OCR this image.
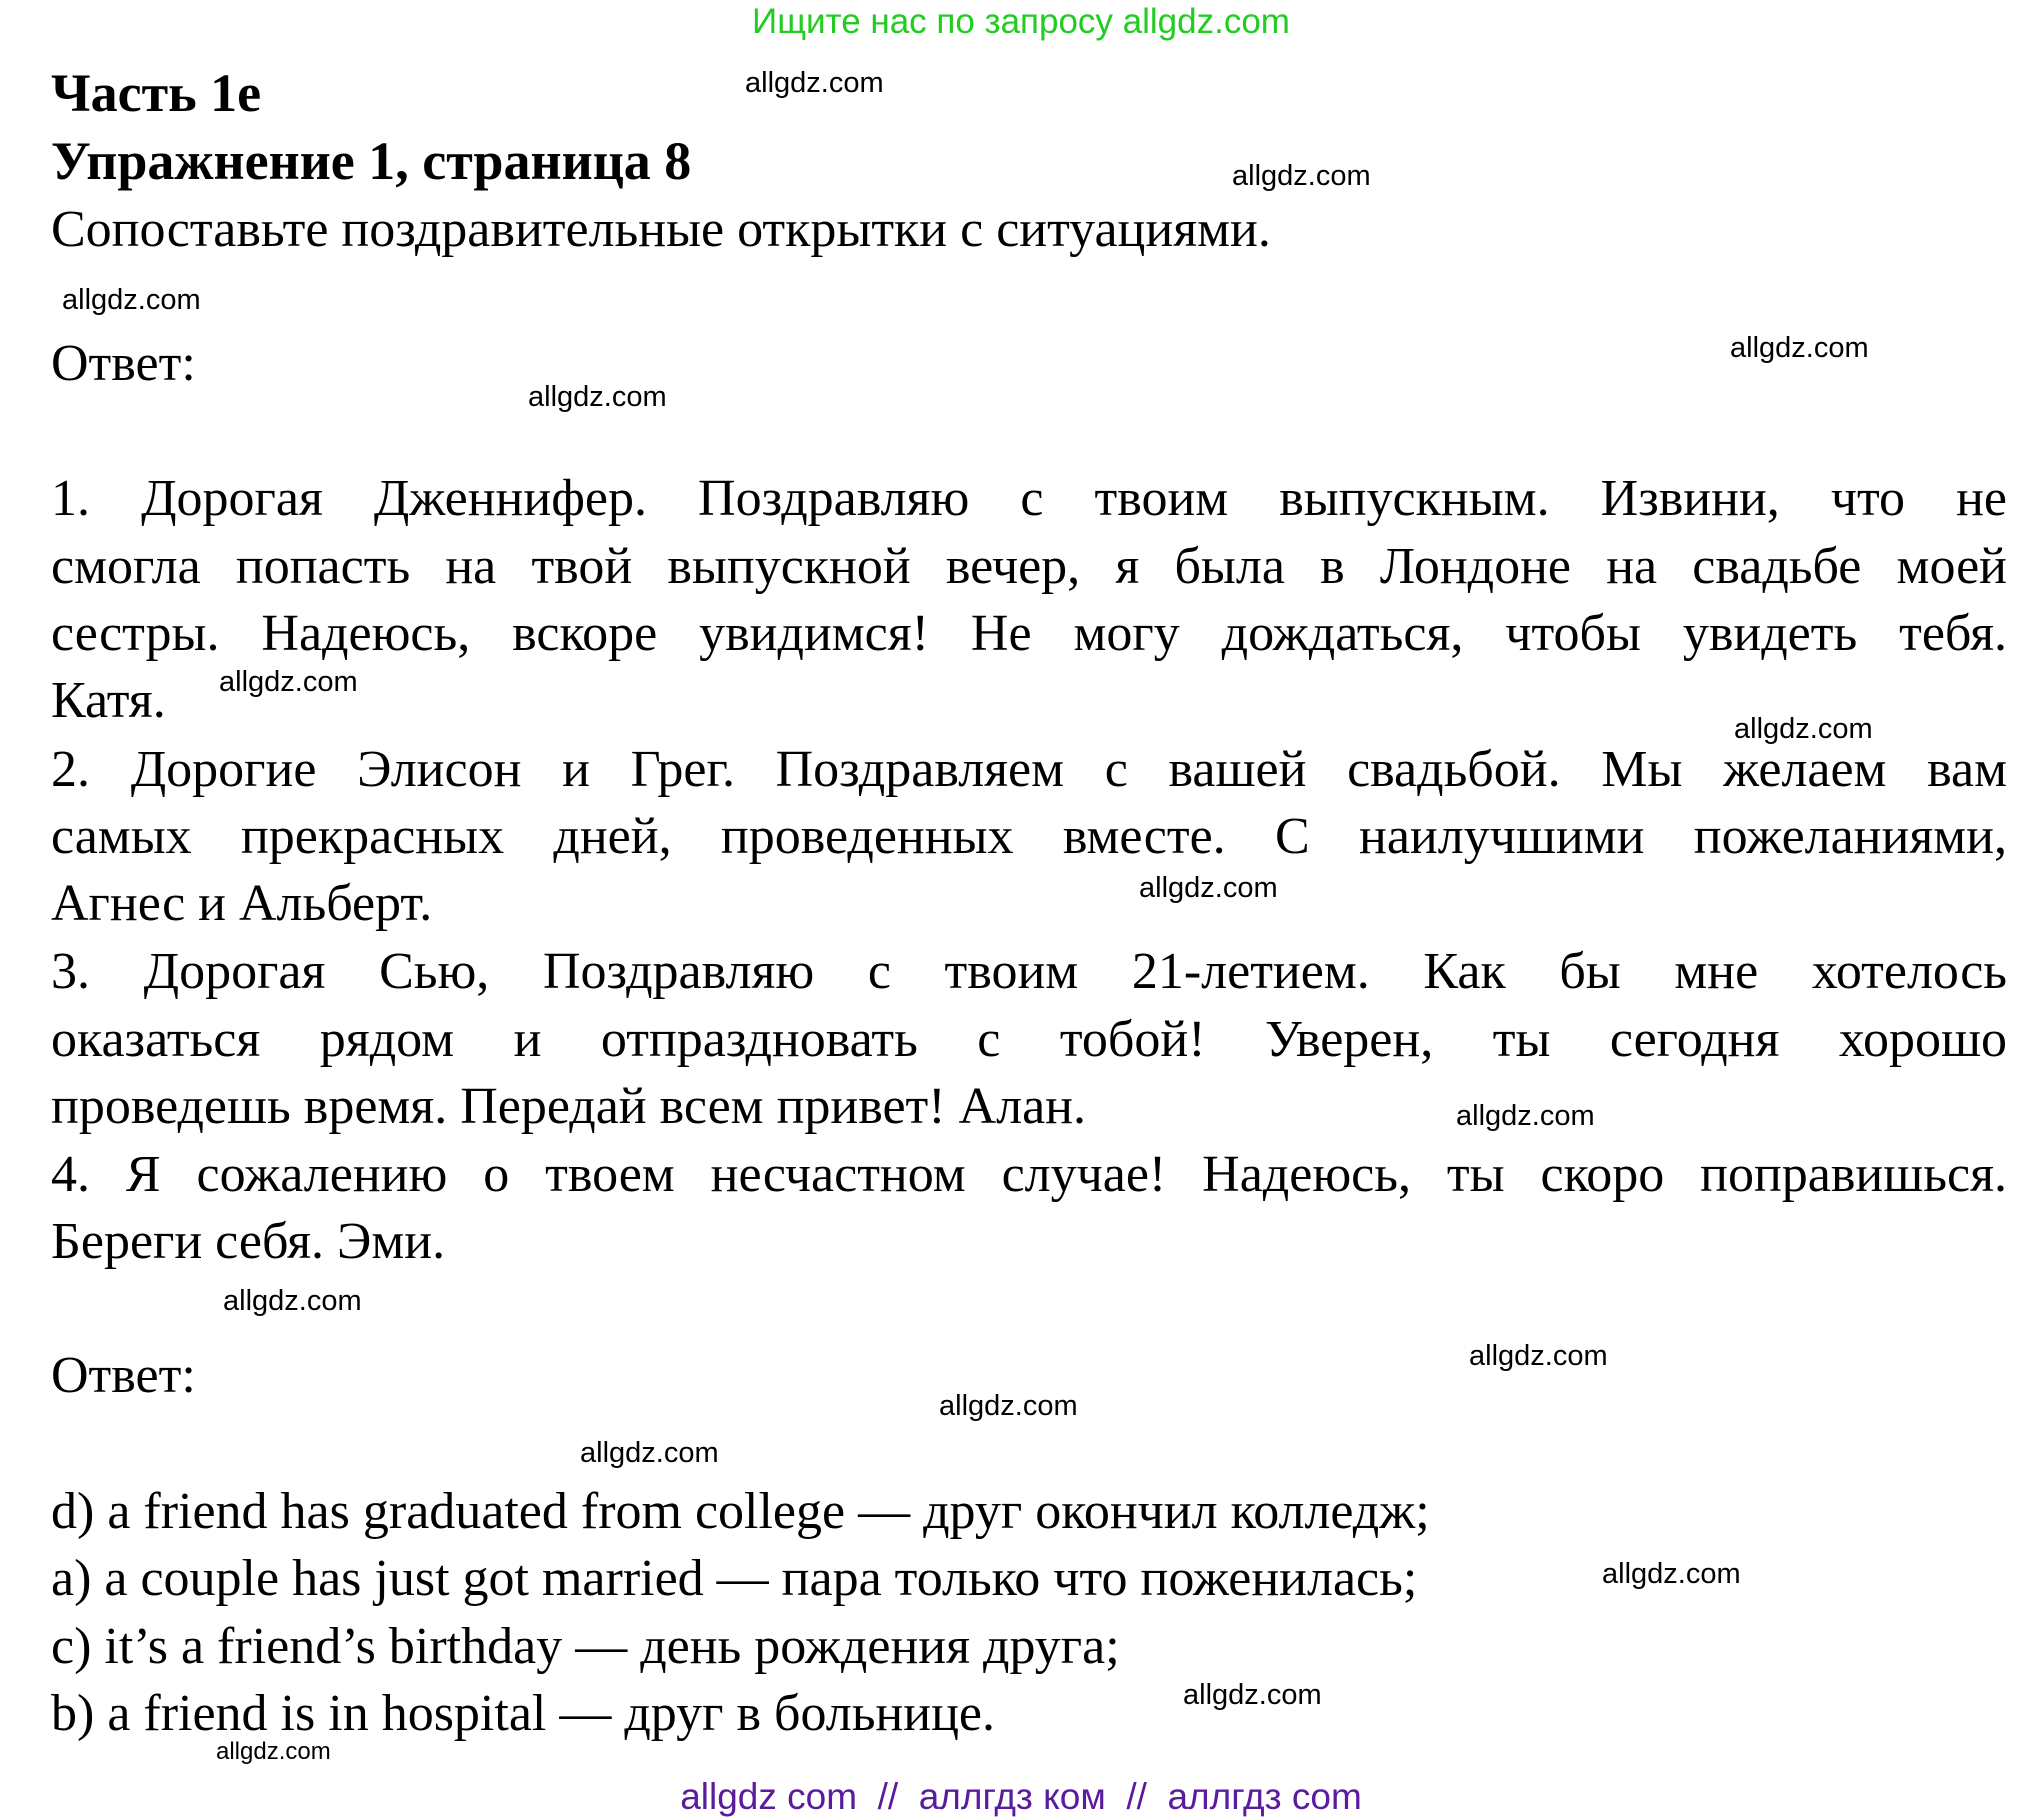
Ищите нас по запросу allgdz.com
Часть 1e
Упражнение 1, страница 8
Сопоставьте поздравительные открытки с ситуациями.
Ответ:
1. Дорогая Дженнифер. Поздравляю с твоим выпускным. Извини, что не
смогла попасть на твой выпускной вечер, я была в Лондоне на свадьбе моей
сестры. Надеюсь, вскоре увидимся! Не могу дождаться, чтобы увидеть тебя.
Катя.
2. Дорогие Элисон и Грег. Поздравляем с вашей свадьбой. Мы желаем вам
самых прекрасных дней, проведенных вместе. С наилучшими пожеланиями,
Агнес и Альберт.
3. Дорогая Сью, Поздравляю с твоим 21-летием. Как бы мне хотелось
оказаться рядом и отпраздновать с тобой! Уверен, ты сегодня хорошо
проведешь время. Передай всем привет! Алан.
4. Я сожалению о твоем несчастном случае! Надеюсь, ты скоро поправишься.
Береги себя. Эми.
Ответ:
d) a friend has graduated from college — друг окончил колледж;
a) a couple has just got married — пара только что поженилась;
c) it’s a friend’s birthday — день рождения друга;
b) a friend is in hospital — друг в больнице.
allgdz.com
allgdz.com
allgdz.com
allgdz.com
allgdz.com
allgdz.com
allgdz.com
allgdz.com
allgdz.com
allgdz.com
allgdz.com
allgdz.com
allgdz.com
allgdz.com
allgdz.com
allgdz.com
allgdz com  //  аллгдз ком  //  аллгдз com
